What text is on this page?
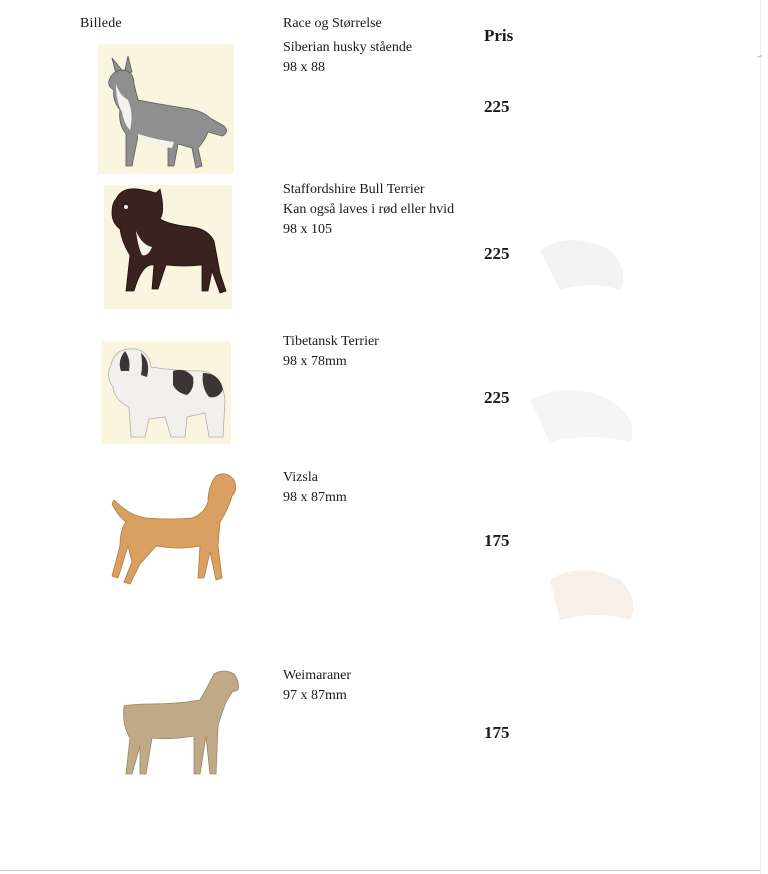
Billede	Race og Størrelse
Pris
Siberian husky stående
98 x 88
225
Staffordshire Bull Terrier
Kan også laves i rød eller hvid
98 x 105
225
Tibetansk Terrier
98 x 78mm
225
Vizsla
98 x 87mm
175
Weimaraner
97 x 87mm
175
